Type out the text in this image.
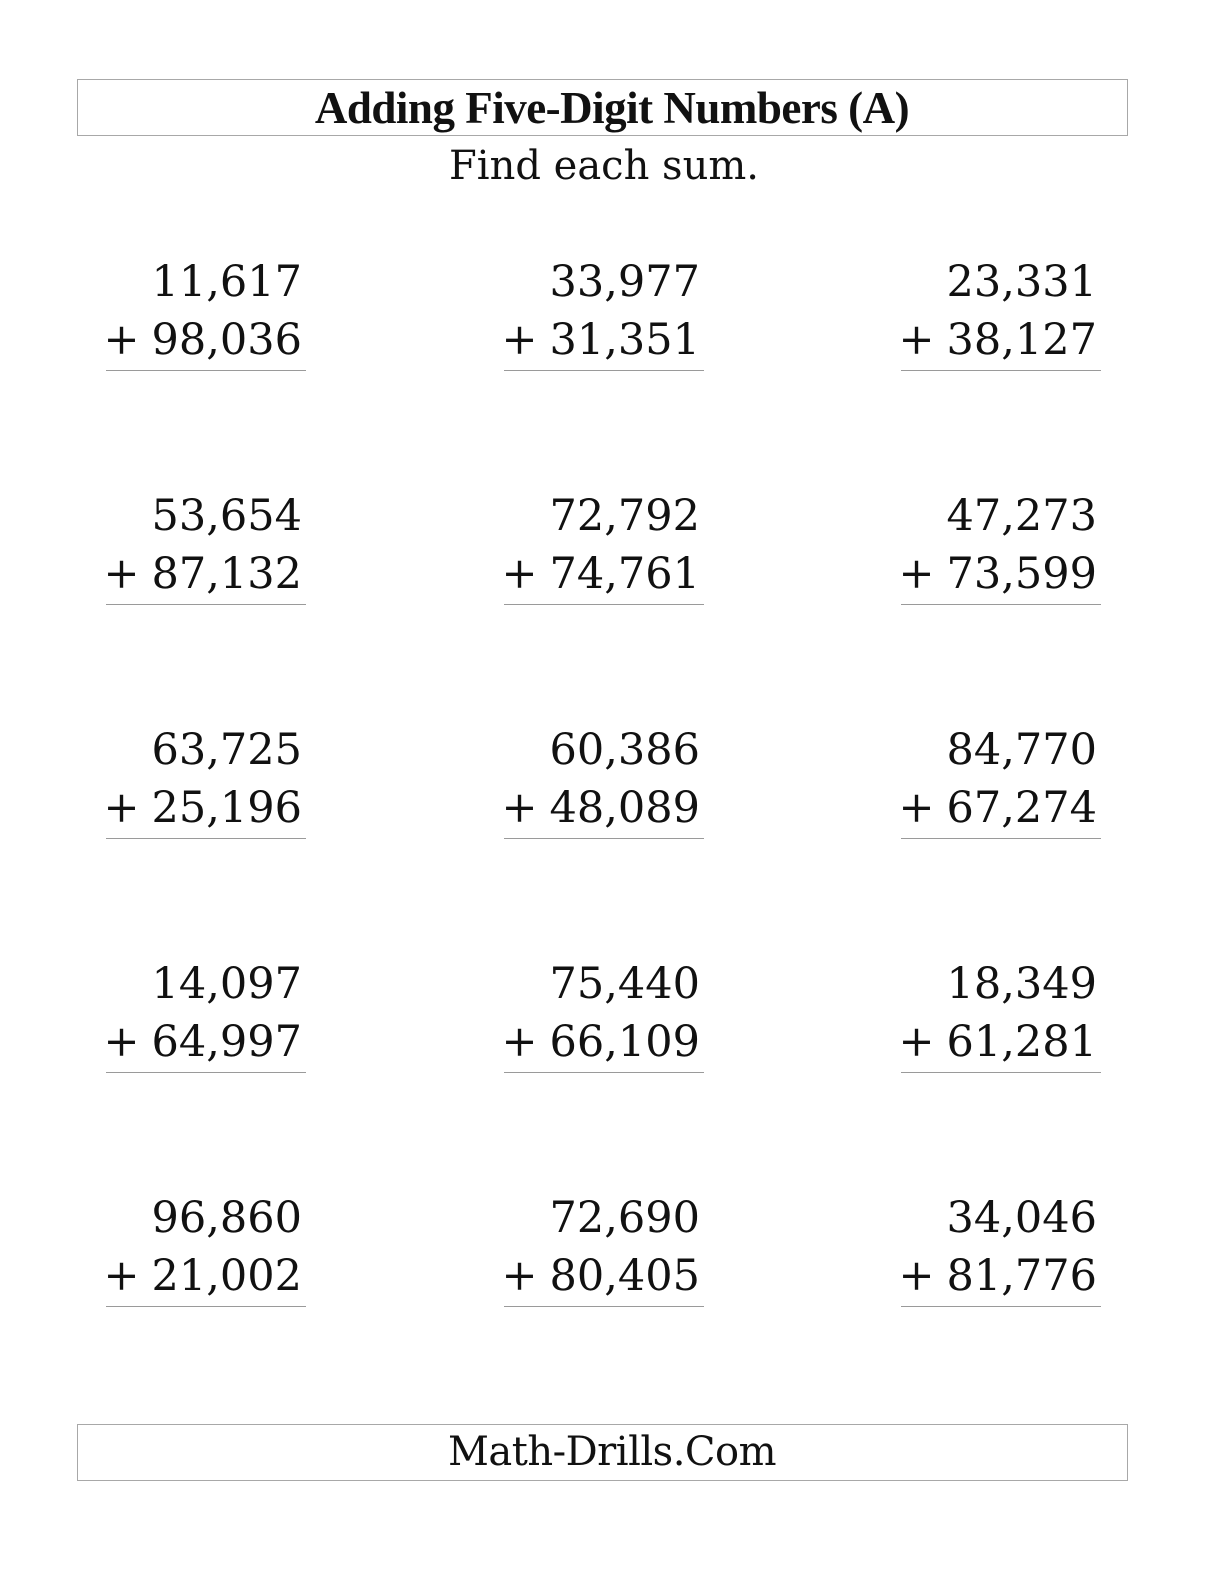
Adding Five-Digit Numbers (A)
Find each sum.
11,617
+ 98,036
33,977
+ 31,351
23,331
+ 38,127
53,654
+ 87,132
72,792
+ 74,761
47,273
+ 73,599
63,725
+ 25,196
60,386
+ 48,089
84,770
+ 67,274
14,097
+ 64,997
75,440
+ 66,109
18,349
+ 61,281
96,860
+ 21,002
72,690
+ 80,405
34,046
+ 81,776
Math-Drills.Com
